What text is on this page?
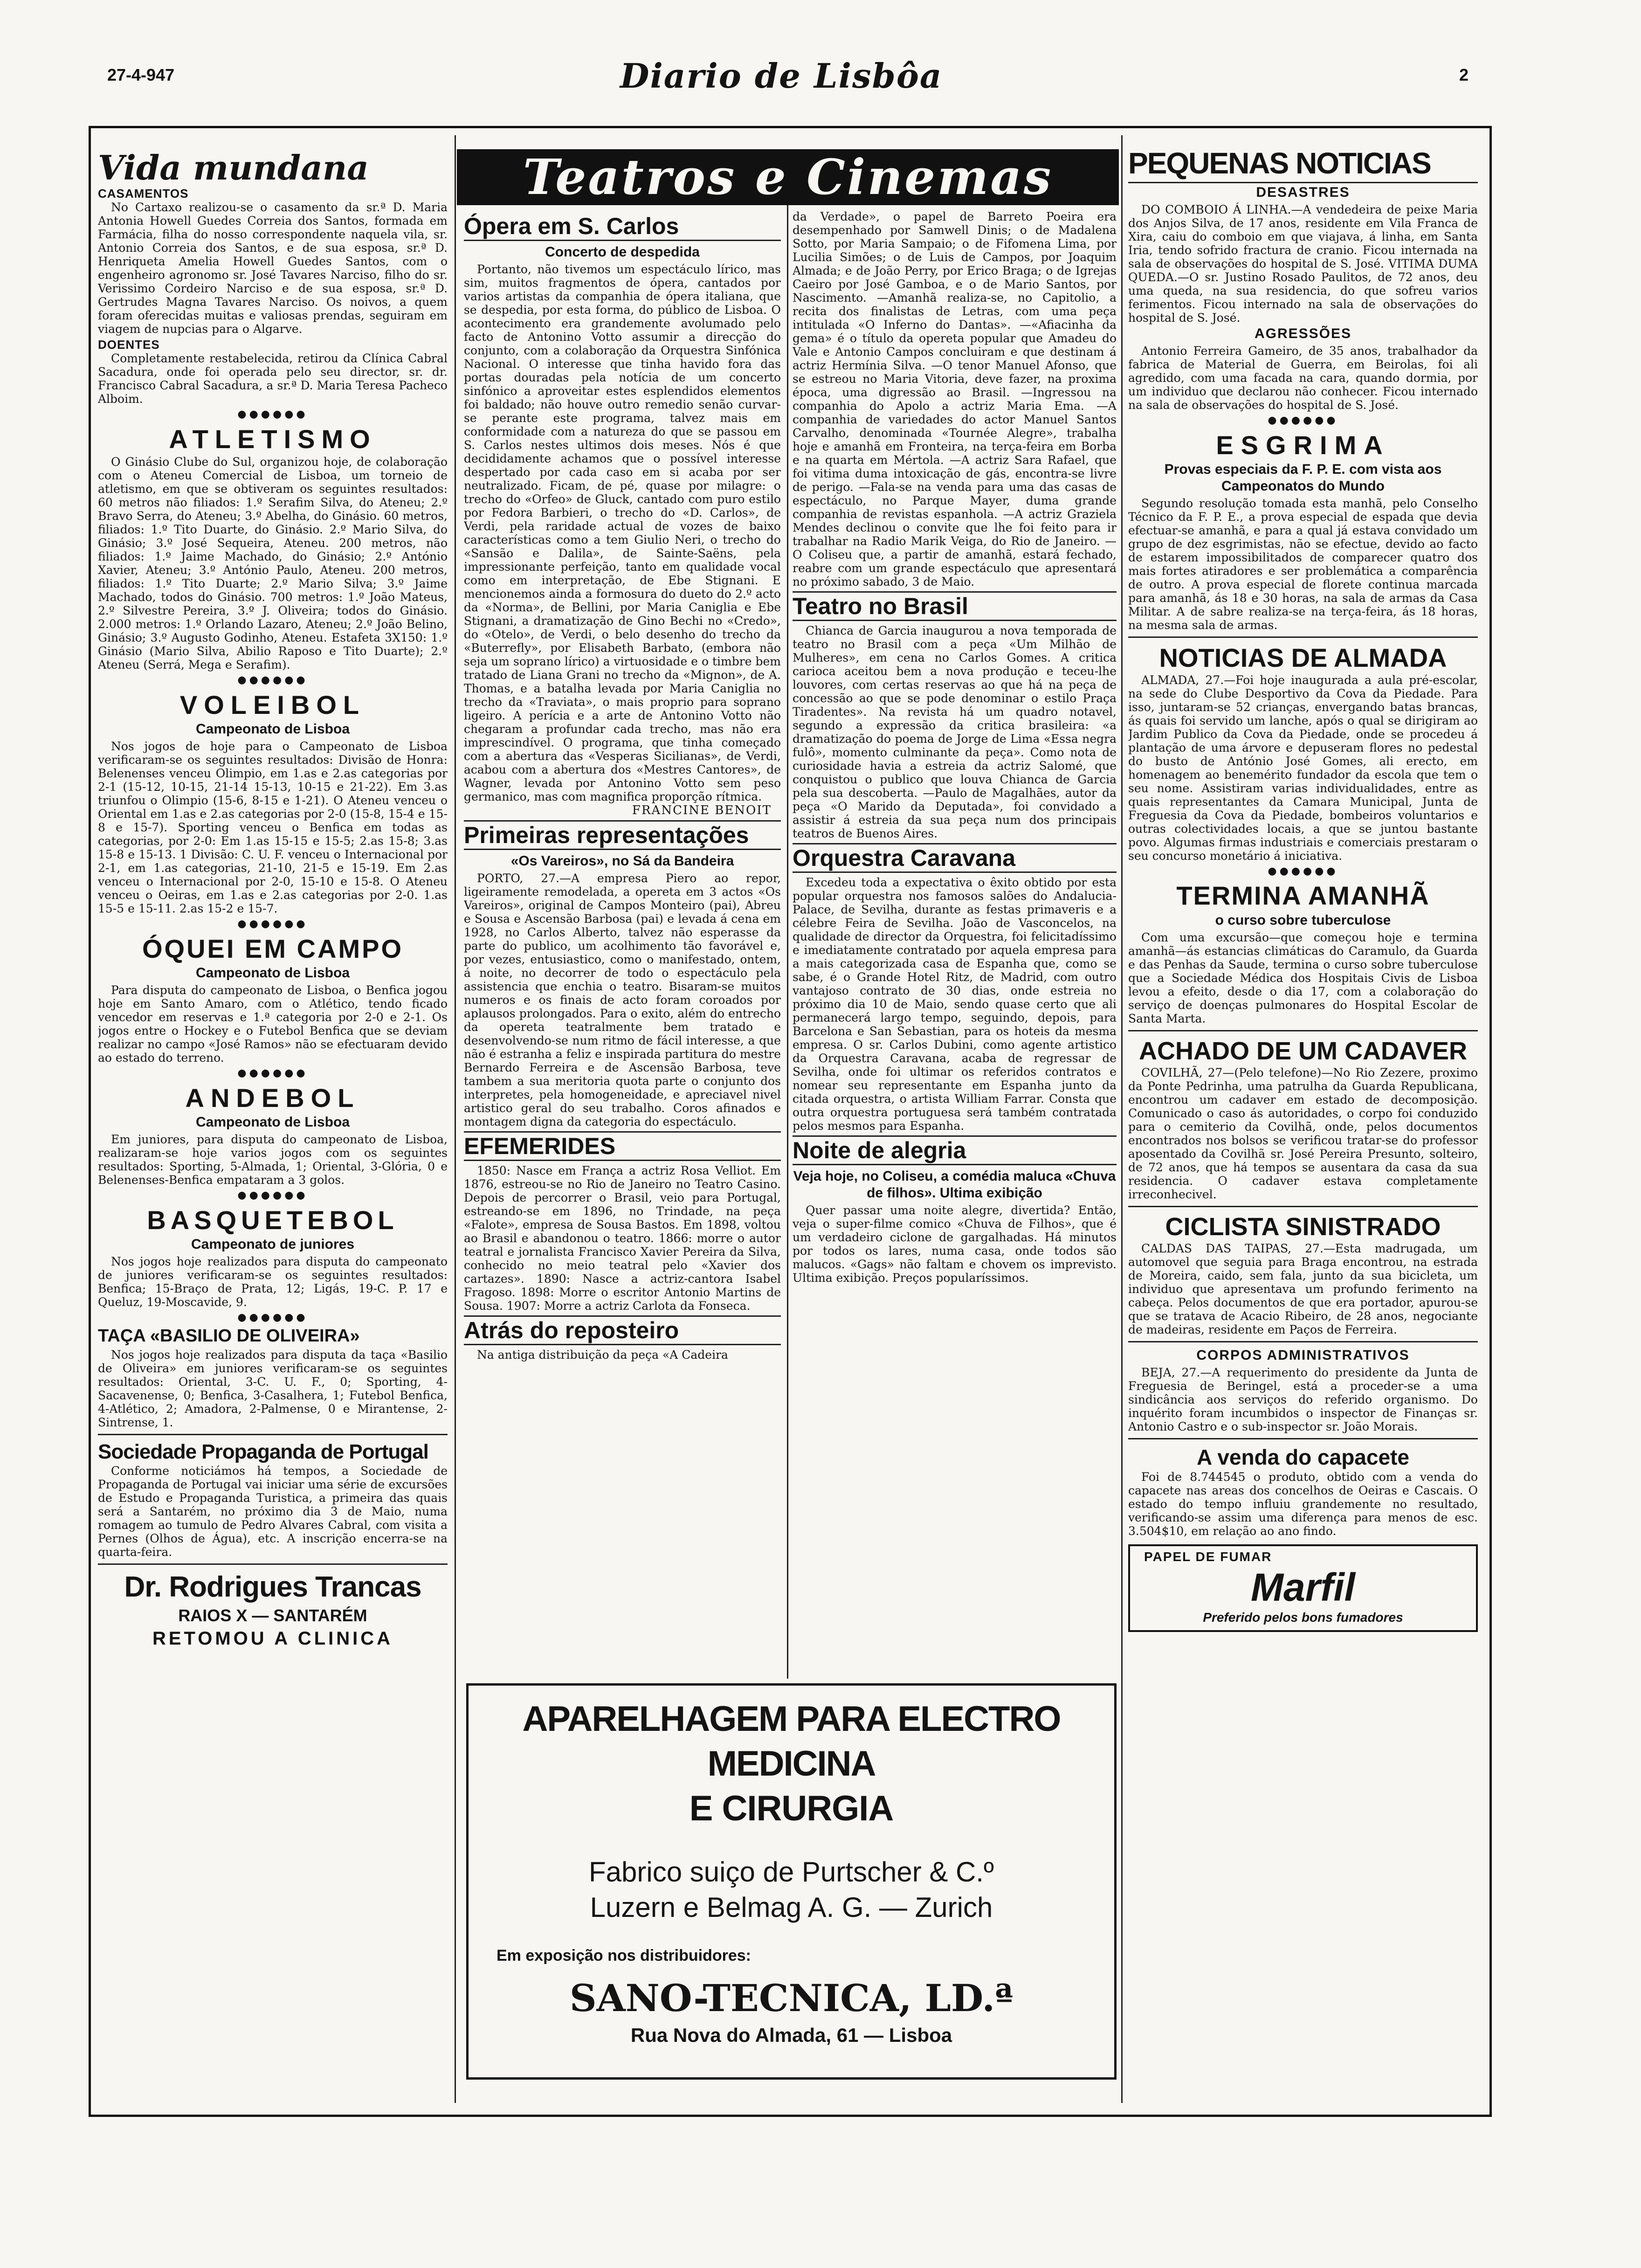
27-4-947	Diario de Lisbôa	2
Vida mundana
CASAMENTOS

No Cartaxo realizou-se o casamento da sr.ª D. Maria Antonia Howell Guedes Correia dos Santos, formada em Farmácia, filha do nosso correspondente naquela vila, sr. Antonio Correia dos Santos, e de sua esposa, sr.ª D. Henriqueta Amelia Howell Guedes Santos, com o engenheiro agronomo sr. José Tavares Narciso, filho do sr. Verissimo Cordeiro Narciso e de sua esposa, sr.ª D. Gertrudes Magna Tavares Narciso. Os noivos, a quem foram oferecidas muitas e valiosas prendas, seguiram em viagem de nupcias para o Algarve.

DOENTES

Completamente restabelecida, retirou da Clínica Cabral Sacadura, onde foi operada pelo seu director, sr. dr. Francisco Cabral Sacadura, a sr.ª D. Maria Teresa Pacheco Alboim.

●●●●●●
ATLETISMO

O Ginásio Clube do Sul, organizou hoje, de colaboração com o Ateneu Comercial de Lisboa, um torneio de atletismo, em que se obtiveram os seguintes resultados: 60 metros não filiados: 1.º Serafim Silva, do Ateneu; 2.º Bravo Serra, do Ateneu; 3.º Abelha, do Ginásio. 60 metros, filiados: 1.º Tito Duarte, do Ginásio. 2.º Mario Silva, do Ginásio; 3.º José Sequeira, Ateneu. 200 metros, não filiados: 1.º Jaime Machado, do Ginásio; 2.º António Xavier, Ateneu; 3.º António Paulo, Ateneu. 200 metros, filiados: 1.º Tito Duarte; 2.º Mario Silva; 3.º Jaime Machado, todos do Ginásio. 700 metros: 1.º João Mateus, 2.º Silvestre Pereira, 3.º J. Oliveira; todos do Ginásio. 2.000 metros: 1.º Orlando Lazaro, Ateneu; 2.º João Belino, Ginásio; 3.º Augusto Godinho, Ateneu. Estafeta 3X150: 1.º Ginásio (Mario Silva, Abilio Raposo e Tito Duarte); 2.º Ateneu (Serrá, Mega e Serafim).

●●●●●●
VOLEIBOL
Campeonato de Lisboa

Nos jogos de hoje para o Campeonato de Lisboa verificaram-se os seguintes resultados: Divisão de Honra: Belenenses venceu Olimpio, em 1.as e 2.as categorias por 2-1 (15-12, 10-15, 21-14 15-13, 10-15 e 21-22). Em 3.as triunfou o Olimpio (15-6, 8-15 e 1-21). O Ateneu venceu o Oriental em 1.as e 2.as categorias por 2-0 (15-8, 15-4 e 15-8 e 15-7). Sporting venceu o Benfica em todas as categorias, por 2-0: Em 1.as 15-15 e 15-5; 2.as 15-8; 3.as 15-8 e 15-13. 1 Divisão: C. U. F. venceu o Internacional por 2-1, em 1.as categorias, 21-10, 21-5 e 15-19. Em 2.as venceu o Internacional por 2-0, 15-10 e 15-8. O Ateneu venceu o Oeiras, em 1.as e 2.as categorias por 2-0. 1.as 15-5 e 15-11. 2.as 15-2 e 15-7.

●●●●●●
ÓQUEI EM CAMPO
Campeonato de Lisboa

Para disputa do campeonato de Lisboa, o Benfica jogou hoje em Santo Amaro, com o Atlético, tendo ficado vencedor em reservas e 1.ª categoria por 2-0 e 2-1. Os jogos entre o Hockey e o Futebol Benfica que se deviam realizar no campo «José Ramos» não se efectuaram devido ao estado do terreno.

●●●●●●
ANDEBOL
Campeonato de Lisboa

Em juniores, para disputa do campeonato de Lisboa, realizaram-se hoje varios jogos com os seguintes resultados: Sporting, 5-Almada, 1; Oriental, 3-Glória, 0 e Belenenses-Benfica empataram a 3 golos.

●●●●●●
BASQUETEBOL
Campeonato de juniores

Nos jogos hoje realizados para disputa do campeonato de juniores verificaram-se os seguintes resultados: Benfica; 15-Braço de Prata, 12; Ligás, 19-C. P. 17 e Queluz, 19-Moscavide, 9.

●●●●●●
TAÇA «BASILIO DE OLIVEIRA»

Nos jogos hoje realizados para disputa da taça «Basilio de Oliveira» em juniores verificaram-se os seguintes resultados: Oriental, 3-C. U. F., 0; Sporting, 4-Sacavenense, 0; Benfica, 3-Casalhera, 1; Futebol Benfica, 4-Atlético, 2; Amadora, 2-Palmense, 0 e Mirantense, 2-Sintrense, 1.

Sociedade Propaganda de Portugal

Conforme noticiámos há tempos, a Sociedade de Propaganda de Portugal vai iniciar uma série de excursões de Estudo e Propaganda Turistica, a primeira das quais será a Santarém, no próximo dia 3 de Maio, numa romagem ao tumulo de Pedro Alvares Cabral, com visita a Pernes (Olhos de Água), etc. A inscrição encerra-se na quarta-feira.

Dr. Rodrigues Trancas
RAIOS X — SANTARÉM
RETOMOU A CLINICA
Teatros e Cinemas
Ópera em S. Carlos
Concerto de despedida

Portanto, não tivemos um espectáculo lírico, mas sim, muitos fragmentos de ópera, cantados por varios artistas da companhia de ópera italiana, que se despedia, por esta forma, do público de Lisboa. O acontecimento era grandemente avolumado pelo facto de Antonino Votto assumir a direcção do conjunto, com a colaboração da Orquestra Sinfónica Nacional. O interesse que tinha havido fora das portas douradas pela notícia de um concerto sinfónico a aproveitar estes esplendidos elementos foi baldado; não houve outro remedio senão curvar-se perante este programa, talvez mais em conformidade com a natureza do que se passou em S. Carlos nestes ultimos dois meses. Nós é que decididamente achamos que o possível interesse despertado por cada caso em si acaba por ser neutralizado. Ficam, de pé, quase por milagre: o trecho do «Orfeo» de Gluck, cantado com puro estilo por Fedora Barbieri, o trecho do «D. Carlos», de Verdi, pela raridade actual de vozes de baixo características como a tem Giulio Neri, o trecho do «Sansão e Dalila», de Sainte-Saëns, pela impressionante perfeição, tanto em qualidade vocal como em interpretação, de Ebe Stignani. E mencionemos ainda a formosura do dueto do 2.º acto da «Norma», de Bellini, por Maria Caniglia e Ebe Stignani, a dramatização de Gino Bechi no «Credo», do «Otelo», de Verdi, o belo desenho do trecho da «Buterrefly», por Elisabeth Barbato, (embora não seja um soprano lírico) a virtuosidade e o timbre bem tratado de Liana Grani no trecho da «Mignon», de A. Thomas, e a batalha levada por Maria Caniglia no trecho da «Traviata», o mais proprio para soprano ligeiro. A perícia e a arte de Antonino Votto não chegaram a profundar cada trecho, mas não era imprescindível. O programa, que tinha começado com a abertura das «Vesperas Sicilianas», de Verdi, acabou com a abertura dos «Mestres Cantores», de Wagner, levada por Antonino Votto sem peso germanico, mas com magnifica proporção rítmica.

FRANCINE BENOIT
Primeiras representações
«Os Vareiros», no Sá da Bandeira

PORTO, 27.—A empresa Piero ao repor, ligeiramente remodelada, a opereta em 3 actos «Os Vareiros», original de Campos Monteiro (pai), Abreu e Sousa e Ascensão Barbosa (pai) e levada á cena em 1928, no Carlos Alberto, talvez não esperasse da parte do publico, um acolhimento tão favorável e, por vezes, entusiastico, como o manifestado, ontem, á noite, no decorrer de todo o espectáculo pela assistencia que enchia o teatro. Bisaram-se muitos numeros e os finais de acto foram coroados por aplausos prolongados. Para o exito, além do entrecho da opereta teatralmente bem tratado e desenvolvendo-se num ritmo de fácil interesse, a que não é estranha a feliz e inspirada partitura do mestre Bernardo Ferreira e de Ascensão Barbosa, teve tambem a sua meritoria quota parte o conjunto dos interpretes, pela homogeneidade, e apreciavel nivel artistico geral do seu trabalho. Coros afinados e montagem digna da categoria do espectáculo.

EFEMERIDES

1850: Nasce em França a actriz Rosa Velliot. Em 1876, estreou-se no Rio de Janeiro no Teatro Casino. Depois de percorrer o Brasil, veio para Portugal, estreando-se em 1896, no Trindade, na peça «Falote», empresa de Sousa Bastos. Em 1898, voltou ao Brasil e abandonou o teatro. 1866: morre o autor teatral e jornalista Francisco Xavier Pereira da Silva, conhecido no meio teatral pelo «Xavier dos cartazes». 1890: Nasce a actriz-cantora Isabel Fragoso. 1898: Morre o escritor Antonio Martins de Sousa. 1907: Morre a actriz Carlota da Fonseca.

Atrás do reposteiro

Na antiga distribuição da peça «A Cadeira

da Verdade», o papel de Barreto Poeira era desempenhado por Samwell Dinis; o de Madalena Sotto, por Maria Sampaio; o de Fifomena Lima, por Lucilia Simões; o de Luis de Campos, por Joaquim Almada; e de João Perry, por Erico Braga; o de Igrejas Caeiro por José Gamboa, e o de Mario Santos, por Nascimento. —Amanhã realiza-se, no Capitolio, a recita dos finalistas de Letras, com uma peça intitulada «O Inferno do Dantas». —«Afiacinha da gema» é o título da opereta popular que Amadeu do Vale e Antonio Campos concluiram e que destinam á actriz Hermínia Silva. —O tenor Manuel Afonso, que se estreou no Maria Vitoria, deve fazer, na proxima época, uma digressão ao Brasil. —Ingressou na companhia do Apolo a actriz Maria Ema. —A companhia de variedades do actor Manuel Santos Carvalho, denominada «Tournée Alegre», trabalha hoje e amanhã em Fronteira, na terça-feira em Borba e na quarta em Mértola. —A actriz Sara Rafael, que foi vitima duma intoxicação de gás, encontra-se livre de perigo. —Fala-se na venda para uma das casas de espectáculo, no Parque Mayer, duma grande companhia de revistas espanhola. —A actriz Graziela Mendes declinou o convite que lhe foi feito para ir trabalhar na Radio Marik Veiga, do Rio de Janeiro. —O Coliseu que, a partir de amanhã, estará fechado, reabre com um grande espectáculo que apresentará no próximo sabado, 3 de Maio.

Teatro no Brasil

Chianca de Garcia inaugurou a nova temporada de teatro no Brasil com a peça «Um Milhão de Mulheres», em cena no Carlos Gomes. A critica carioca aceitou bem a nova produção e teceu-lhe louvores, com certas reservas ao que há na peça de concessão ao que se pode denominar o estilo Praça Tiradentes». Na revista há um quadro notavel, segundo a expressão da critica brasileira: «a dramatização do poema de Jorge de Lima «Essa negra fulô», momento culminante da peça». Como nota de curiosidade havia a estreia da actriz Salomé, que conquistou o publico que louva Chianca de Garcia pela sua descoberta. —Paulo de Magalhães, autor da peça «O Marido da Deputada», foi convidado a assistir á estreia da sua peça num dos principais teatros de Buenos Aires.

Orquestra Caravana

Excedeu toda a expectativa o êxito obtido por esta popular orquestra nos famosos salões do Andalucia-Palace, de Sevilha, durante as festas primaveris e a célebre Feira de Sevilha. João de Vasconcelos, na qualidade de director da Orquestra, foi felicitadíssimo e imediatamente contratado por aquela empresa para a mais categorizada casa de Espanha que, como se sabe, é o Grande Hotel Ritz, de Madrid, com outro vantajoso contrato de 30 dias, onde estreia no próximo dia 10 de Maio, sendo quase certo que ali permanecerá largo tempo, seguindo, depois, para Barcelona e San Sebastian, para os hoteis da mesma empresa. O sr. Carlos Dubini, como agente artistico da Orquestra Caravana, acaba de regressar de Sevilha, onde foi ultimar os referidos contratos e nomear seu representante em Espanha junto da citada orquestra, o artista William Farrar. Consta que outra orquestra portuguesa será também contratada pelos mesmos para Espanha.

Noite de alegria
Veja hoje, no Coliseu, a comédia maluca «Chuva de filhos». Ultima exibição

Quer passar uma noite alegre, divertida? Então, veja o super-filme comico «Chuva de Filhos», que é um verdadeiro ciclone de gargalhadas. Há minutos por todos os lares, numa casa, onde todos são malucos. «Gags» não faltam e chovem os imprevisto. Ultima exibição. Preços popularíssimos.

APARELHAGEM PARA ELECTRO MEDICINA
E CIRURGIA
Fabrico suiço de Purtscher & C.º
Luzern e Belmag A. G. — Zurich
Em exposição nos distribuidores:
SANO-TECNICA, LD.ª
Rua Nova do Almada, 61 — Lisboa
PEQUENAS NOTICIAS
DESASTRES

DO COMBOIO Á LINHA.—A vendedeira de peixe Maria dos Anjos Silva, de 17 anos, residente em Vila Franca de Xira, caiu do comboio em que viajava, á linha, em Santa Iria, tendo sofrido fractura de cranio. Ficou internada na sala de observações do hospital de S. José. VITIMA DUMA QUEDA.—O sr. Justino Rosado Paulitos, de 72 anos, deu uma queda, na sua residencia, do que sofreu varios ferimentos. Ficou internado na sala de observações do hospital de S. José.

AGRESSÕES

Antonio Ferreira Gameiro, de 35 anos, trabalhador da fabrica de Material de Guerra, em Beirolas, foi ali agredido, com uma facada na cara, quando dormia, por um individuo que declarou não conhecer. Ficou internado na sala de observações do hospital de S. José.

●●●●●●
ESGRIMA
Provas especiais da F. P. E. com vista aos Campeonatos do Mundo

Segundo resolução tomada esta manhã, pelo Conselho Técnico da F. P. E., a prova especial de espada que devia efectuar-se amanhã, e para a qual já estava convidado um grupo de dez esgrimistas, não se efectue, devido ao facto de estarem impossibilitados de comparecer quatro dos mais fortes atiradores e ser problemática a comparência de outro. A prova especial de florete continua marcada para amanhã, ás 18 e 30 horas, na sala de armas da Casa Militar. A de sabre realiza-se na terça-feira, ás 18 horas, na mesma sala de armas.

NOTICIAS DE ALMADA

ALMADA, 27.—Foi hoje inaugurada a aula pré-escolar, na sede do Clube Desportivo da Cova da Piedade. Para isso, juntaram-se 52 crianças, envergando batas brancas, ás quais foi servido um lanche, após o qual se dirigiram ao Jardim Publico da Cova da Piedade, onde se procedeu á plantação de uma árvore e depuseram flores no pedestal do busto de António José Gomes, ali erecto, em homenagem ao benemérito fundador da escola que tem o seu nome. Assistiram varias individualidades, entre as quais representantes da Camara Municipal, Junta de Freguesia da Cova da Piedade, bombeiros voluntarios e outras colectividades locais, a que se juntou bastante povo. Algumas firmas industriais e comerciais prestaram o seu concurso monetário á iniciativa.

●●●●●●
TERMINA AMANHÃ
o curso sobre tuberculose

Com uma excursão—que começou hoje e termina amanhã—ás estancias climáticas do Caramulo, da Guarda e das Penhas da Saude, termina o curso sobre tuberculose que a Sociedade Médica dos Hospitais Civis de Lisboa levou a efeito, desde o dia 17, com a colaboração do serviço de doenças pulmonares do Hospital Escolar de Santa Marta.

ACHADO DE UM CADAVER

COVILHÃ, 27—(Pelo telefone)—No Rio Zezere, proximo da Ponte Pedrinha, uma patrulha da Guarda Republicana, encontrou um cadaver em estado de decomposição. Comunicado o caso ás autoridades, o corpo foi conduzido para o cemiterio da Covilhã, onde, pelos documentos encontrados nos bolsos se verificou tratar-se do professor aposentado da Covilhã sr. José Pereira Presunto, solteiro, de 72 anos, que há tempos se ausentara da casa da sua residencia. O cadaver estava completamente irreconhecivel.

CICLISTA SINISTRADO

CALDAS DAS TAIPAS, 27.—Esta madrugada, um automovel que seguia para Braga encontrou, na estrada de Moreira, caido, sem fala, junto da sua bicicleta, um individuo que apresentava um profundo ferimento na cabeça. Pelos documentos de que era portador, apurou-se que se tratava de Acacio Ribeiro, de 28 anos, negociante de madeiras, residente em Paços de Ferreira.

CORPOS ADMINISTRATIVOS

BEJA, 27.—A requerimento do presidente da Junta de Freguesia de Beringel, está a proceder-se a uma sindicância aos serviços do referido organismo. Do inquérito foram incumbidos o inspector de Finanças sr. Antonio Castro e o sub-inspector sr. João Morais.

A venda do capacete

Foi de 8.744545 o produto, obtido com a venda do capacete nas areas dos concelhos de Oeiras e Cascais. O estado do tempo influiu grandemente no resultado, verificando-se assim uma diferença para menos de esc. 3.504$10, em relação ao ano findo.

PAPEL DE FUMAR
Marfil
Preferido pelos bons fumadores
